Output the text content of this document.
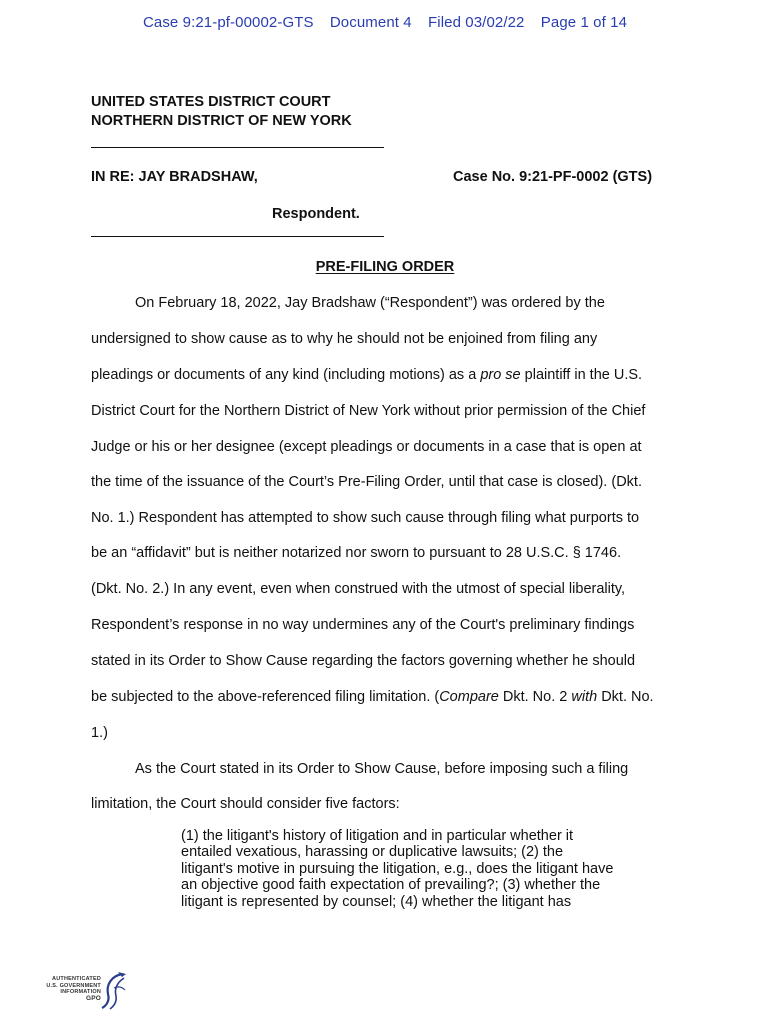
Case 9:21-pf-00002-GTS Document 4 Filed 03/02/22 Page 1 of 14
UNITED STATES DISTRICT COURT
NORTHERN DISTRICT OF NEW YORK
IN RE: JAY BRADSHAW,	Case No. 9:21-PF-0002 (GTS)
Respondent.
PRE-FILING ORDER
On February 18, 2022, Jay Bradshaw (“Respondent”) was ordered by the
undersigned to show cause as to why he should not be enjoined from filing any
pleadings or documents of any kind (including motions) as a pro se plaintiff in the U.S.
District Court for the Northern District of New York without prior permission of the Chief
Judge or his or her designee (except pleadings or documents in a case that is open at
the time of the issuance of the Court’s Pre-Filing Order, until that case is closed). (Dkt.
No. 1.) Respondent has attempted to show such cause through filing what purports to
be an “affidavit” but is neither notarized nor sworn to pursuant to 28 U.S.C. § 1746.
(Dkt. No. 2.) In any event, even when construed with the utmost of special liberality,
Respondent’s response in no way undermines any of the Court's preliminary findings
stated in its Order to Show Cause regarding the factors governing whether he should
be subjected to the above-referenced filing limitation. (Compare Dkt. No. 2 with Dkt. No.
1.)
As the Court stated in its Order to Show Cause, before imposing such a filing
limitation, the Court should consider five factors:
(1) the litigant's history of litigation and in particular whether it
entailed vexatious, harassing or duplicative lawsuits; (2) the
litigant's motive in pursuing the litigation, e.g., does the litigant have
an objective good faith expectation of prevailing?; (3) whether the
litigant is represented by counsel; (4) whether the litigant has
AUTHENTICATED
U.S. GOVERNMENT
INFORMATION
GPO
